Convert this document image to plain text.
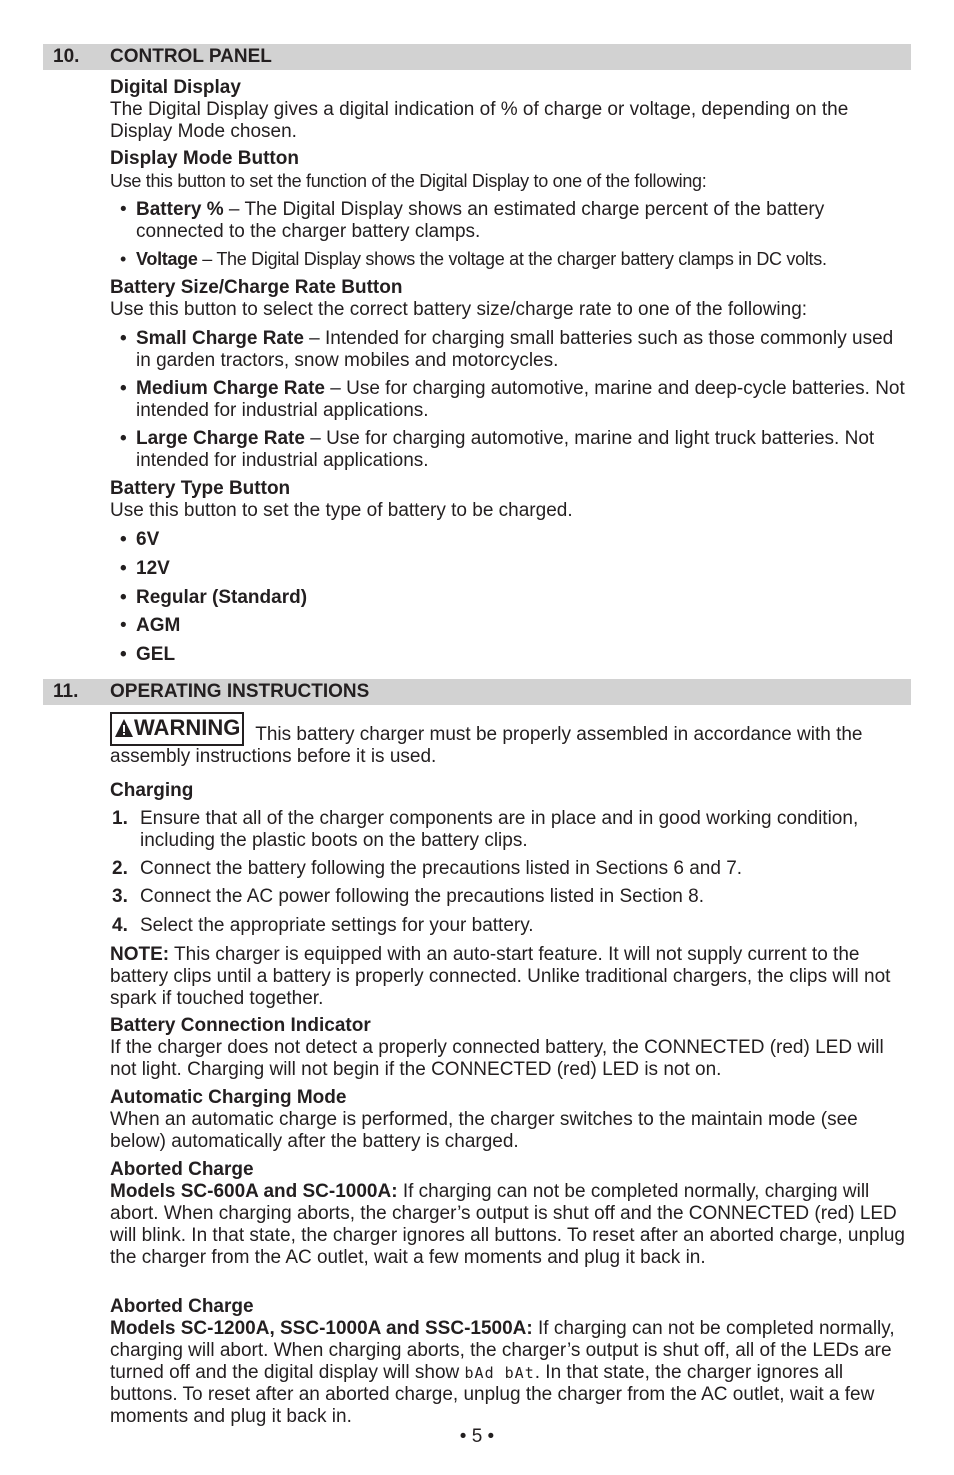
10. CONTROL PANEL
Digital Display
The Digital Display gives a digital indication of % of charge or voltage, depending on the Display Mode chosen.
Display Mode Button
Use this button to set the function of the Digital Display to one of the following:
• Battery % – The Digital Display shows an estimated charge percent of the battery connected to the charger battery clamps.
• Voltage – The Digital Display shows the voltage at the charger battery clamps in DC volts.
Battery Size/Charge Rate Button
Use this button to select the correct battery size/charge rate to one of the following:
• Small Charge Rate – Intended for charging small batteries such as those commonly used in garden tractors, snow mobiles and motorcycles.
• Medium Charge Rate – Use for charging automotive, marine and deep-cycle batteries. Not intended for industrial applications.
• Large Charge Rate – Use for charging automotive, marine and light truck batteries. Not intended for industrial applications.
Battery Type Button
Use this button to set the type of battery to be charged.
• 6V
• 12V
• Regular (Standard)
• AGM
• GEL
11. OPERATING INSTRUCTIONS
WARNING This battery charger must be properly assembled in accordance with the assembly instructions before it is used.
Charging
1. Ensure that all of the charger components are in place and in good working condition, including the plastic boots on the battery clips.
2. Connect the battery following the precautions listed in Sections 6 and 7.
3. Connect the AC power following the precautions listed in Section 8.
4. Select the appropriate settings for your battery.
NOTE: This charger is equipped with an auto-start feature. It will not supply current to the battery clips until a battery is properly connected. Unlike traditional chargers, the clips will not spark if touched together.
Battery Connection Indicator
If the charger does not detect a properly connected battery, the CONNECTED (red) LED will not light. Charging will not begin if the CONNECTED (red) LED is not on.
Automatic Charging Mode
When an automatic charge is performed, the charger switches to the maintain mode (see below) automatically after the battery is charged.
Aborted Charge
Models SC-600A and SC-1000A: If charging can not be completed normally, charging will abort. When charging aborts, the charger’s output is shut off and the CONNECTED (red) LED will blink. In that state, the charger ignores all buttons. To reset after an aborted charge, unplug the charger from the AC outlet, wait a few moments and plug it back in.
Aborted Charge
Models SC-1200A, SSC-1000A and SSC-1500A: If charging can not be completed normally, charging will abort. When charging aborts, the charger’s output is shut off, all of the LEDs are turned off and the digital display will show bAd bAt. In that state, the charger ignores all buttons. To reset after an aborted charge, unplug the charger from the AC outlet, wait a few moments and plug it back in.
• 5 •
